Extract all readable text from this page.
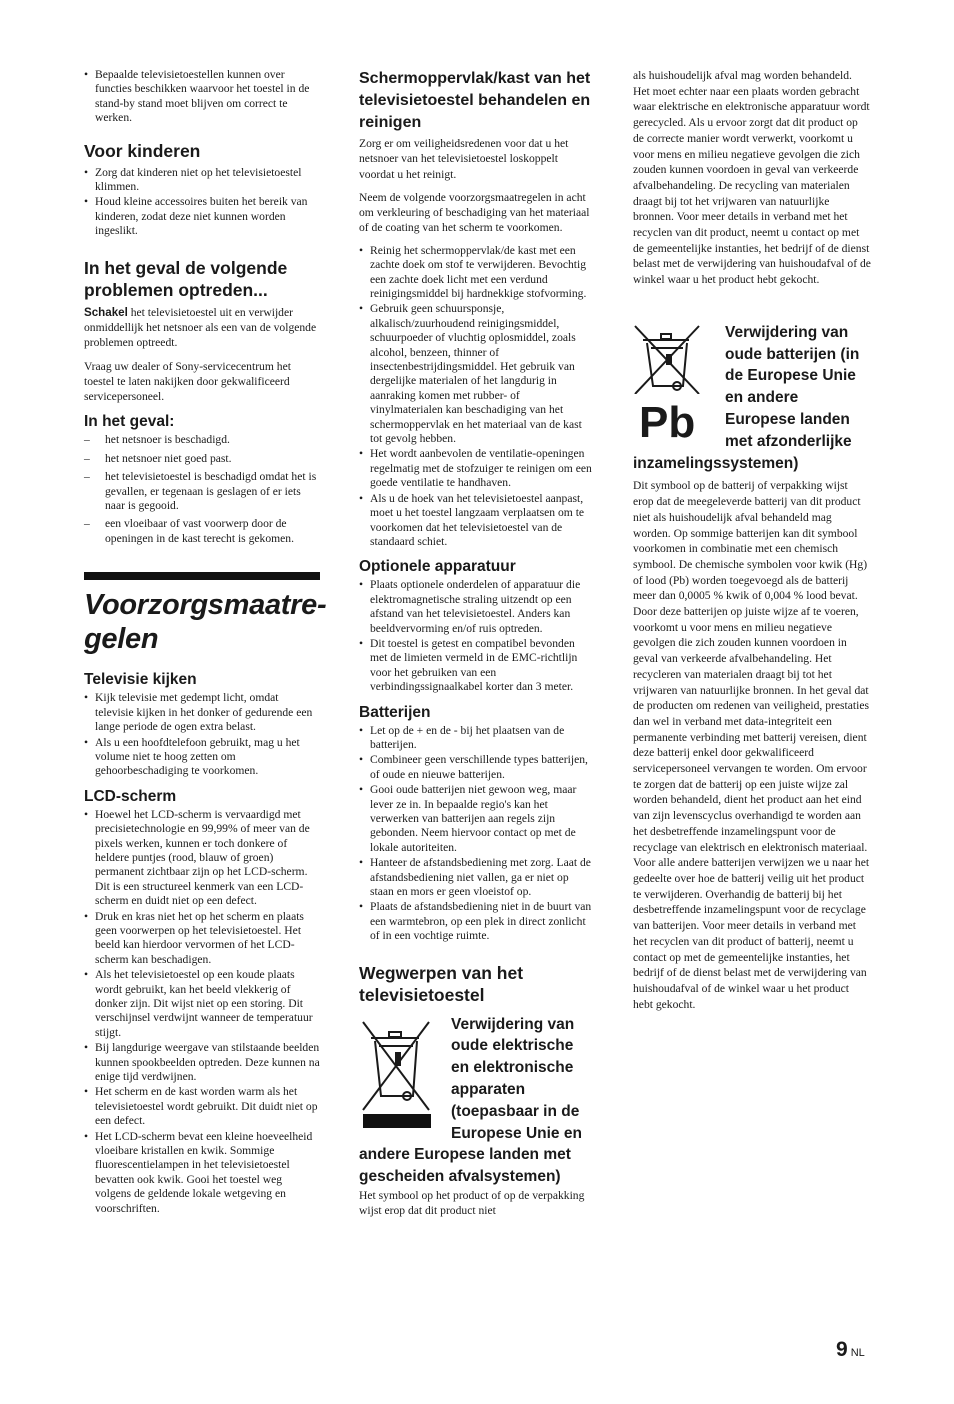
• Bepaalde televisietoestellen kunnen over functies beschikken waarvoor het toestel in de stand-by stand moet blijven om correct te werken.
Voor kinderen
• Zorg dat kinderen niet op het televisietoestel klimmen.
• Houd kleine accessoires buiten het bereik van kinderen, zodat deze niet kunnen worden ingeslikt.
In het geval de volgende problemen optreden...

Schakel het televisietoestel uit en verwijder onmiddellijk het netsnoer als een van de volgende problemen optreedt.

Vraag uw dealer of Sony-servicecentrum het toestel te laten nakijken door gekwalificeerd servicepersoneel.

In het geval:
– het netsnoer is beschadigd.
– het netsnoer niet goed past.
– het televisietoestel is beschadigd omdat het is gevallen, er tegenaan is geslagen of er iets naar is gegooid.
– een vloeibaar of vast voorwerp door de openingen in de kast terecht is gekomen.
Voorzorgsmaatre-
gelen
Televisie kijken
• Kijk televisie met gedempt licht, omdat televisie kijken in het donker of gedurende een lange periode de ogen extra belast.
• Als u een hoofdtelefoon gebruikt, mag u het volume niet te hoog zetten om gehoorbeschadiging te voorkomen.
LCD-scherm
• Hoewel het LCD-scherm is vervaardigd met precisietechnologie en 99,99% of meer van de pixels werken, kunnen er toch donkere of heldere puntjes (rood, blauw of groen) permanent zichtbaar zijn op het LCD-scherm. Dit is een structureel kenmerk van een LCD-scherm en duidt niet op een defect.
• Druk en kras niet het op het scherm en plaats geen voorwerpen op het televisietoestel. Het beeld kan hierdoor vervormen of het LCD-scherm kan beschadigen.
• Als het televisietoestel op een koude plaats wordt gebruikt, kan het beeld vlekkerig of donker zijn. Dit wijst niet op een storing. Dit verschijnsel verdwijnt wanneer de temperatuur stijgt.
• Bij langdurige weergave van stilstaande beelden kunnen spookbeelden optreden. Deze kunnen na enige tijd verdwijnen.
• Het scherm en de kast worden warm als het televisietoestel wordt gebruikt. Dit duidt niet op een defect.
• Het LCD-scherm bevat een kleine hoeveelheid vloeibare kristallen en kwik. Sommige fluorescentielampen in het televisietoestel bevatten ook kwik. Gooi het toestel weg volgens de geldende lokale wetgeving en voorschriften.
Schermoppervlak/kast van het televisietoestel behandelen en reinigen

Zorg er om veiligheidsredenen voor dat u het netsnoer van het televisietoestel loskoppelt voordat u het reinigt.

Neem de volgende voorzorgsmaatregelen in acht om verkleuring of beschadiging van het materiaal of de coating van het scherm te voorkomen.

• Reinig het schermoppervlak/de kast met een zachte doek om stof te verwijderen. Bevochtig een zachte doek licht met een verdund reinigingsmiddel bij hardnekkige stofvorming.
• Gebruik geen schuursponsje, alkalisch/zuurhoudend reinigingsmiddel, schuurpoeder of vluchtig oplosmiddel, zoals alcohol, benzeen, thinner of insectenbestrijdingsmiddel. Het gebruik van dergelijke materialen of het langdurig in aanraking komen met rubber- of vinylmaterialen kan beschadiging van het schermoppervlak en het materiaal van de kast tot gevolg hebben.
• Het wordt aanbevolen de ventilatie-openingen regelmatig met de stofzuiger te reinigen om een goede ventilatie te handhaven.
• Als u de hoek van het televisietoestel aanpast, moet u het toestel langzaam verplaatsen om te voorkomen dat het televisietoestel van de standaard schiet.
Optionele apparatuur
• Plaats optionele onderdelen of apparatuur die elektromagnetische straling uitzendt op een afstand van het televisietoestel. Anders kan beeldvervorming en/of ruis optreden.
• Dit toestel is getest en compatibel bevonden met de limieten vermeld in de EMC-richtlijn voor het gebruiken van een verbindingssignaalkabel korter dan 3 meter.
Batterijen
• Let op de + en de - bij het plaatsen van de batterijen.
• Combineer geen verschillende types batterijen, of oude en nieuwe batterijen.
• Gooi oude batterijen niet gewoon weg, maar lever ze in. In bepaalde regio's kan het verwerken van batterijen aan regels zijn gebonden. Neem hiervoor contact op met de lokale autoriteiten.
• Hanteer de afstandsbediening met zorg. Laat de afstandsbediening niet vallen, ga er niet op staan en mors er geen vloeistof op.
• Plaats de afstandsbediening niet in de buurt van een warmtebron, op een plek in direct zonlicht of in een vochtige ruimte.
Wegwerpen van het televisietoestel

Verwijdering van oude elektrische en elektronische apparaten (toepasbaar in de Europese Unie en andere Europese landen met gescheiden afvalsystemen)

Het symbool op het product of op de verpakking wijst erop dat dit product niet

als huishoudelijk afval mag worden behandeld. Het moet echter naar een plaats worden gebracht waar elektrische en elektronische apparatuur wordt gerecycled. Als u ervoor zorgt dat dit product op de correcte manier wordt verwerkt, voorkomt u voor mens en milieu negatieve gevolgen die zich zouden kunnen voordoen in geval van verkeerde afvalbehandeling. De recycling van materialen draagt bij tot het vrijwaren van natuurlijke bronnen. Voor meer details in verband met het recyclen van dit product, neemt u contact op met de gemeentelijke instanties, het bedrijf of de dienst belast met de verwijdering van huishoudafval of de winkel waar u het product hebt gekocht.

Pb

Verwijdering van oude batterijen (in de Europese Unie en andere Europese landen met afzonderlijke inzamelingssystemen)

Dit symbool op de batterij of verpakking wijst erop dat de meegeleverde batterij van dit product niet als huishoudelijk afval behandeld mag worden. Op sommige batterijen kan dit symbool voorkomen in combinatie met een chemisch symbool. De chemische symbolen voor kwik (Hg) of lood (Pb) worden toegevoegd als de batterij meer dan 0,0005 % kwik of 0,004 % lood bevat. Door deze batterijen op juiste wijze af te voeren, voorkomt u voor mens en milieu negatieve gevolgen die zich zouden kunnen voordoen in geval van verkeerde afvalbehandeling. Het recycleren van materialen draagt bij tot het vrijwaren van natuurlijke bronnen. In het geval dat de producten om redenen van veiligheid, prestaties dan wel in verband met data-integriteit een permanente verbinding met batterij vereisen, dient deze batterij enkel door gekwalificeerd servicepersoneel vervangen te worden. Om ervoor te zorgen dat de batterij op een juiste wijze zal worden behandeld, dient het product aan het eind van zijn levenscyclus overhandigd te worden aan het desbetreffende inzamelingspunt voor de recyclage van elektrisch en elektronisch materiaal. Voor alle andere batterijen verwijzen we u naar het gedeelte over hoe de batterij veilig uit het product te verwijderen. Overhandig de batterij bij het desbetreffende inzamelingspunt voor de recyclage van batterijen. Voor meer details in verband met het recyclen van dit product of batterij, neemt u contact op met de gemeentelijke instanties, het bedrijf of de dienst belast met de verwijdering van huishoudafval of de winkel waar u het product hebt gekocht.

9 NL
